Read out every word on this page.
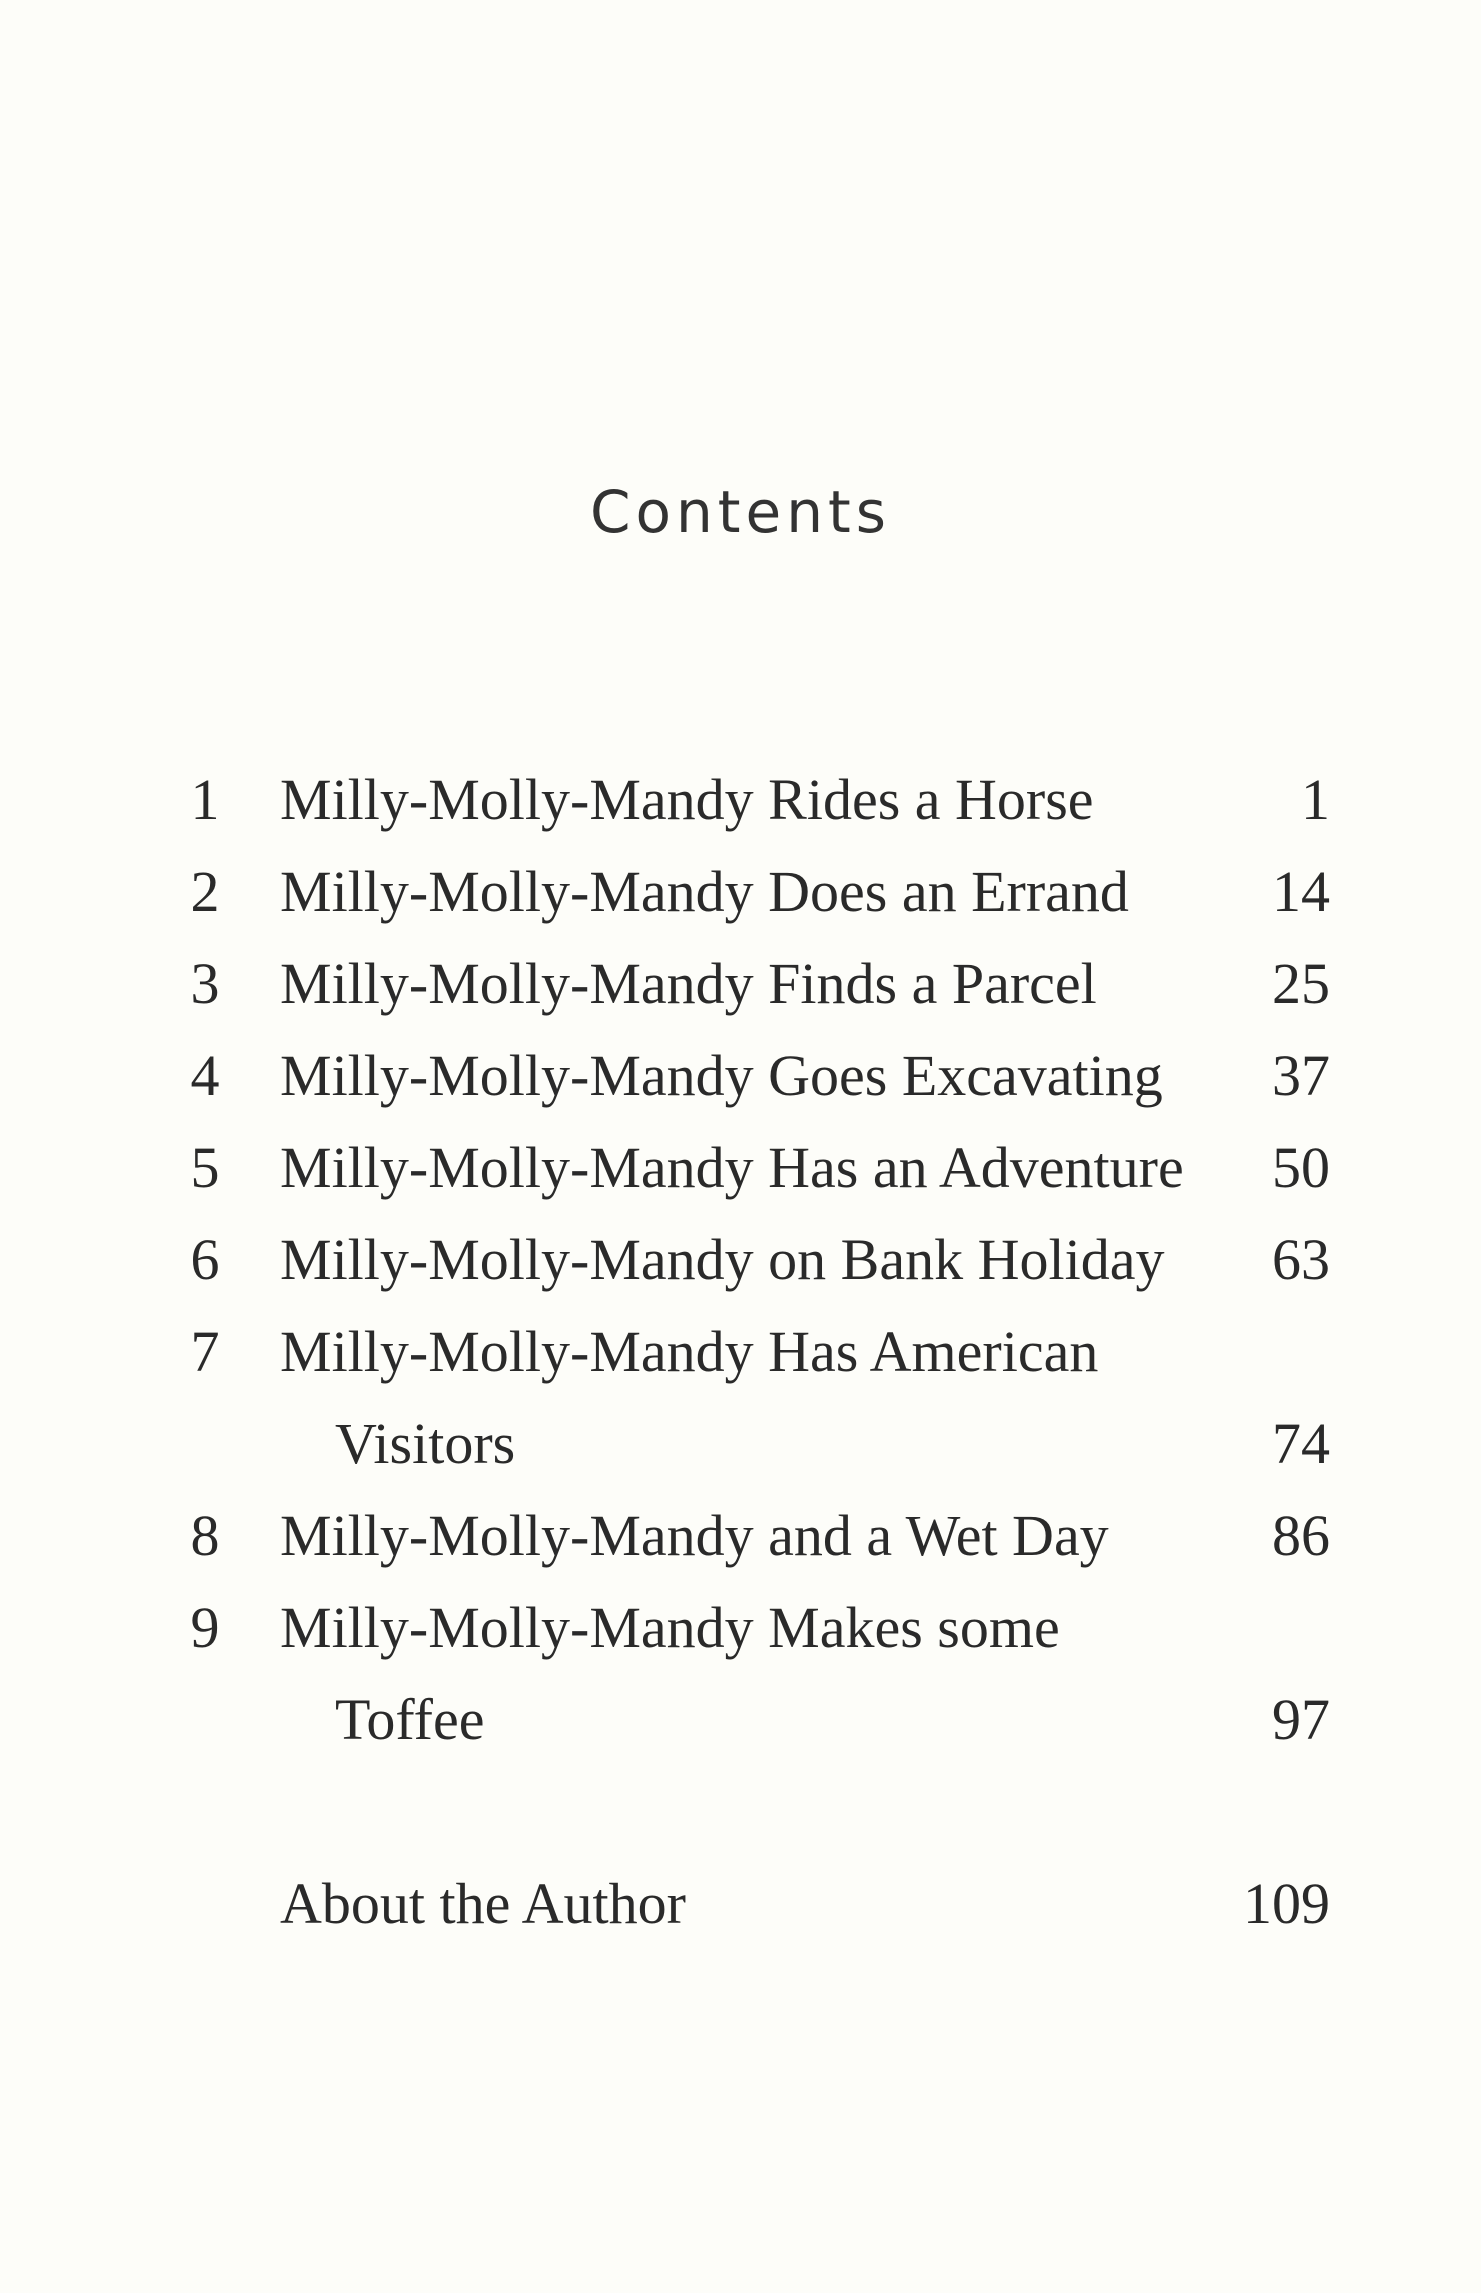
Contents
1 Milly-Molly-Mandy Rides a Horse	1
2 Milly-Molly-Mandy Does an Errand 14
3 Milly-Molly-Mandy Finds a Parcel	25
4 Milly-Molly-Mandy Goes Excavating 37
5 Milly-Molly-Mandy Has an Adventure 50
6 Milly-Molly-Mandy on Bank Holiday 63
7 Milly-Molly-Mandy Has American
Visitors	74
8 Milly-Molly-Mandy and a Wet Day	86
9 Milly-Molly-Mandy Makes some
Toffee	97
About the Author	109
